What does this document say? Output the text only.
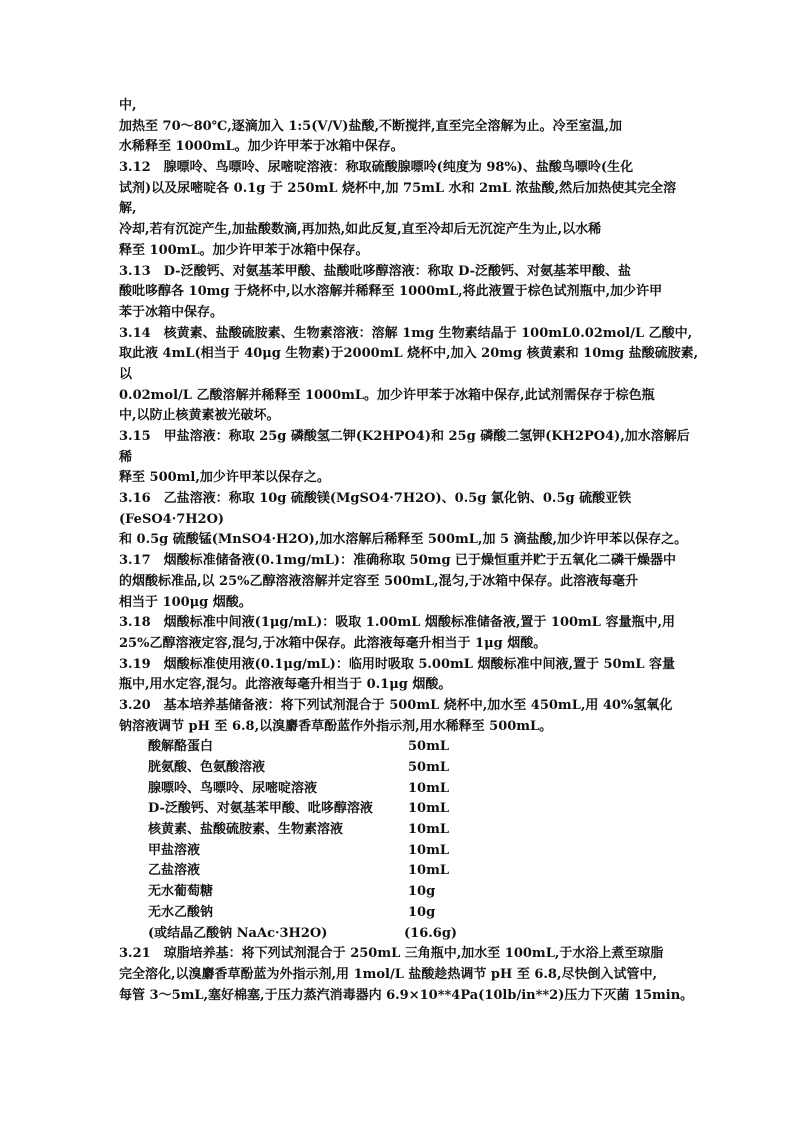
中,
加热至 70～80℃,逐滴加入 1:5(V/V)盐酸,不断搅拌,直至完全溶解为止。冷至室温,加
水稀释至 1000mL。加少许甲苯于冰箱中保存。
3.12　腺嘌呤、鸟嘌呤、尿嘧啶溶液：称取硫酸腺嘌呤(纯度为 98%)、盐酸鸟嘌呤(生化
试剂)以及尿嘧啶各 0.1g 于 250mL 烧杯中,加 75mL 水和 2mL 浓盐酸,然后加热使其完全溶
解,
冷却,若有沉淀产生,加盐酸数滴,再加热,如此反复,直至冷却后无沉淀产生为止,以水稀
释至 100mL。加少许甲苯于冰箱中保存。
3.13　D-泛酸钙、对氨基苯甲酸、盐酸吡哆醇溶液：称取 D-泛酸钙、对氨基苯甲酸、盐
酸吡哆醇各 10mg 于烧杯中,以水溶解并稀释至 1000mL,将此液置于棕色试剂瓶中,加少许甲
苯于冰箱中保存。
3.14　核黄素、盐酸硫胺素、生物素溶液：溶解 1mg 生物素结晶于 100mL0.02mol/L 乙酸中,
取此液 4mL(相当于 40μg 生物素)于2000mL 烧杯中,加入 20mg 核黄素和 10mg 盐酸硫胺素,
以
0.02mol/L 乙酸溶解并稀释至 1000mL。加少许甲苯于冰箱中保存,此试剂需保存于棕色瓶
中,以防止核黄素被光破坏。
3.15　甲盐溶液：称取 25g 磷酸氢二钾(K2HPO4)和 25g 磷酸二氢钾(KH2PO4),加水溶解后
稀
释至 500ml,加少许甲苯以保存之。
3.16　乙盐溶液：称取 10g 硫酸镁(MgSO4·7H2O)、0.5g 氯化钠、0.5g 硫酸亚铁
(FeSO4·7H2O)
和 0.5g 硫酸锰(MnSO4·H2O),加水溶解后稀释至 500mL,加 5 滴盐酸,加少许甲苯以保存之。
3.17　烟酸标准储备液(0.1mg/mL)：准确称取 50mg 已于燥恒重并贮于五氧化二磷干燥器中
的烟酸标准品,以 25%乙醇溶液溶解并定容至 500mL,混匀,于冰箱中保存。此溶液每毫升
相当于 100μg 烟酸。
3.18　烟酸标准中间液(1μg/mL)：吸取 1.00mL 烟酸标准储备液,置于 100mL 容量瓶中,用
25%乙醇溶液定容,混匀,于冰箱中保存。此溶液每毫升相当于 1μg 烟酸。
3.19　烟酸标准使用液(0.1μg/mL)：临用时吸取 5.00mL 烟酸标准中间液,置于 50mL 容量
瓶中,用水定容,混匀。此溶液每毫升相当于 0.1μg 烟酸。
3.20　基本培养基储备液：将下列试剂混合于 500mL 烧杯中,加水至 450mL,用 40%氢氧化
钠溶液调节 pH 至 6.8,以溴麝香草酚蓝作外指示剂,用水稀释至 500mL。
酸解酪蛋白	50mL
胱氨酸、色氨酸溶液	50mL
腺嘌呤、鸟嘌呤、尿嘧啶溶液	10mL
D-泛酸钙、对氨基苯甲酸、吡哆醇溶液	10mL
核黄素、盐酸硫胺素、生物素溶液	10mL
甲盐溶液	10mL
乙盐溶液	10mL
无水葡萄糖	10g
无水乙酸钠	10g
(或结晶乙酸钠 NaAc·3H2O)	(16.6g)
3.21　琼脂培养基：将下列试剂混合于 250mL 三角瓶中,加水至 100mL,于水浴上煮至琼脂
完全溶化,以溴麝香草酚蓝为外指示剂,用 1mol/L 盐酸趁热调节 pH 至 6.8,尽快倒入试管中,
每管 3～5mL,塞好棉塞,于压力蒸汽消毒器内 6.9×10**4Pa(10lb/in**2)压力下灭菌 15min。
